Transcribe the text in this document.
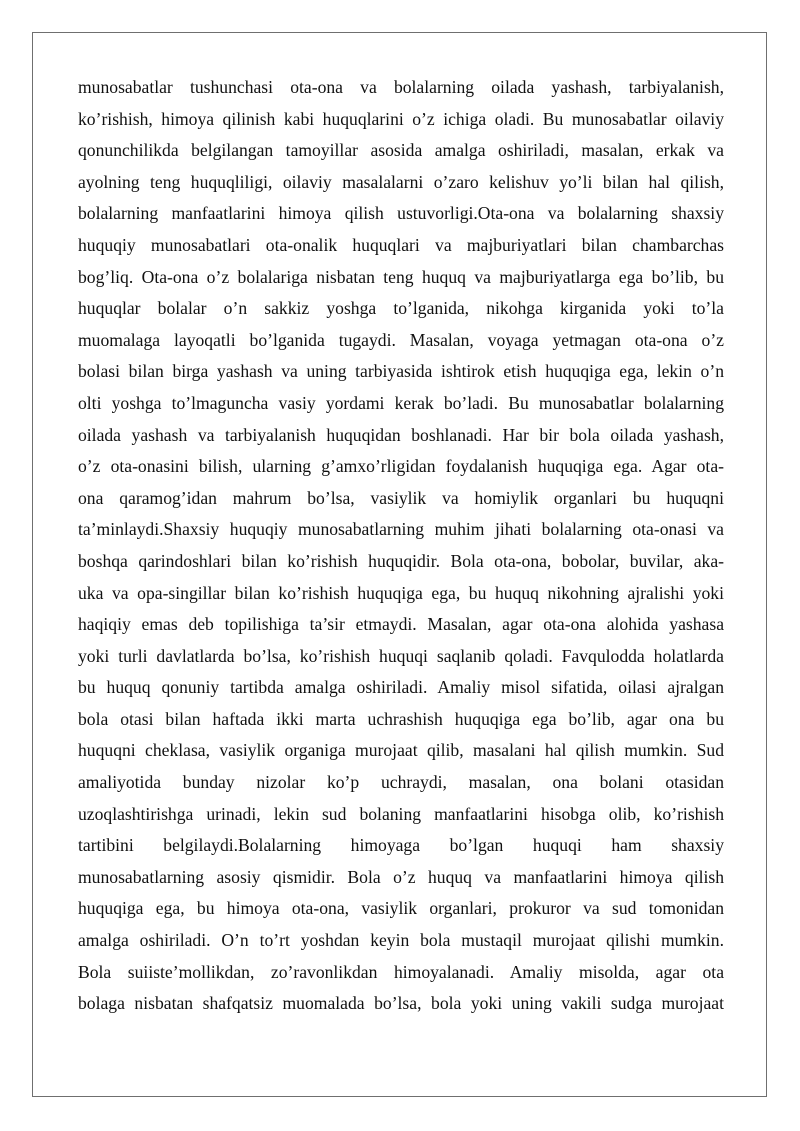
munosabatlar tushunchasi ota-ona va bolalarning oilada yashash, tarbiyalanish,
ko’rishish, himoya qilinish kabi huquqlarini o’z ichiga oladi. Bu munosabatlar oilaviy
qonunchilikda belgilangan tamoyillar asosida amalga oshiriladi, masalan, erkak va
ayolning teng huquqliligi, oilaviy masalalarni o’zaro kelishuv yo’li bilan hal qilish,
bolalarning manfaatlarini himoya qilish ustuvorligi.Ota-ona va bolalarning shaxsiy
huquqiy munosabatlari ota-onalik huquqlari va majburiyatlari bilan chambarchas
bog’liq. Ota-ona o’z bolalariga nisbatan teng huquq va majburiyatlarga ega bo’lib, bu
huquqlar bolalar o’n sakkiz yoshga to’lganida, nikohga kirganida yoki to’la
muomalaga layoqatli bo’lganida tugaydi. Masalan, voyaga yetmagan ota-ona o’z
bolasi bilan birga yashash va uning tarbiyasida ishtirok etish huquqiga ega, lekin o’n
olti yoshga to’lmaguncha vasiy yordami kerak bo’ladi. Bu munosabatlar bolalarning
oilada yashash va tarbiyalanish huquqidan boshlanadi. Har bir bola oilada yashash,
o’z ota-onasini bilish, ularning g’amxo’rligidan foydalanish huquqiga ega. Agar ota-
ona qaramog’idan mahrum bo’lsa, vasiylik va homiylik organlari bu huquqni
ta’minlaydi.Shaxsiy huquqiy munosabatlarning muhim jihati bolalarning ota-onasi va
boshqa qarindoshlari bilan ko’rishish huquqidir. Bola ota-ona, bobolar, buvilar, aka-
uka va opa-singillar bilan ko’rishish huquqiga ega, bu huquq nikohning ajralishi yoki
haqiqiy emas deb topilishiga ta’sir etmaydi. Masalan, agar ota-ona alohida yashasa
yoki turli davlatlarda bo’lsa, ko’rishish huquqi saqlanib qoladi. Favqulodda holatlarda
bu huquq qonuniy tartibda amalga oshiriladi. Amaliy misol sifatida, oilasi ajralgan
bola otasi bilan haftada ikki marta uchrashish huquqiga ega bo’lib, agar ona bu
huquqni cheklasa, vasiylik organiga murojaat qilib, masalani hal qilish mumkin. Sud
amaliyotida bunday nizolar ko’p uchraydi, masalan, ona bolani otasidan
uzoqlashtirishga urinadi, lekin sud bolaning manfaatlarini hisobga olib, ko’rishish
tartibini belgilaydi.Bolalarning himoyaga bo’lgan huquqi ham shaxsiy
munosabatlarning asosiy qismidir. Bola o’z huquq va manfaatlarini himoya qilish
huquqiga ega, bu himoya ota-ona, vasiylik organlari, prokuror va sud tomonidan
amalga oshiriladi. O’n to’rt yoshdan keyin bola mustaqil murojaat qilishi mumkin.
Bola suiiste’mollikdan, zo’ravonlikdan himoyalanadi. Amaliy misolda, agar ota
bolaga nisbatan shafqatsiz muomalada bo’lsa, bola yoki uning vakili sudga murojaat
